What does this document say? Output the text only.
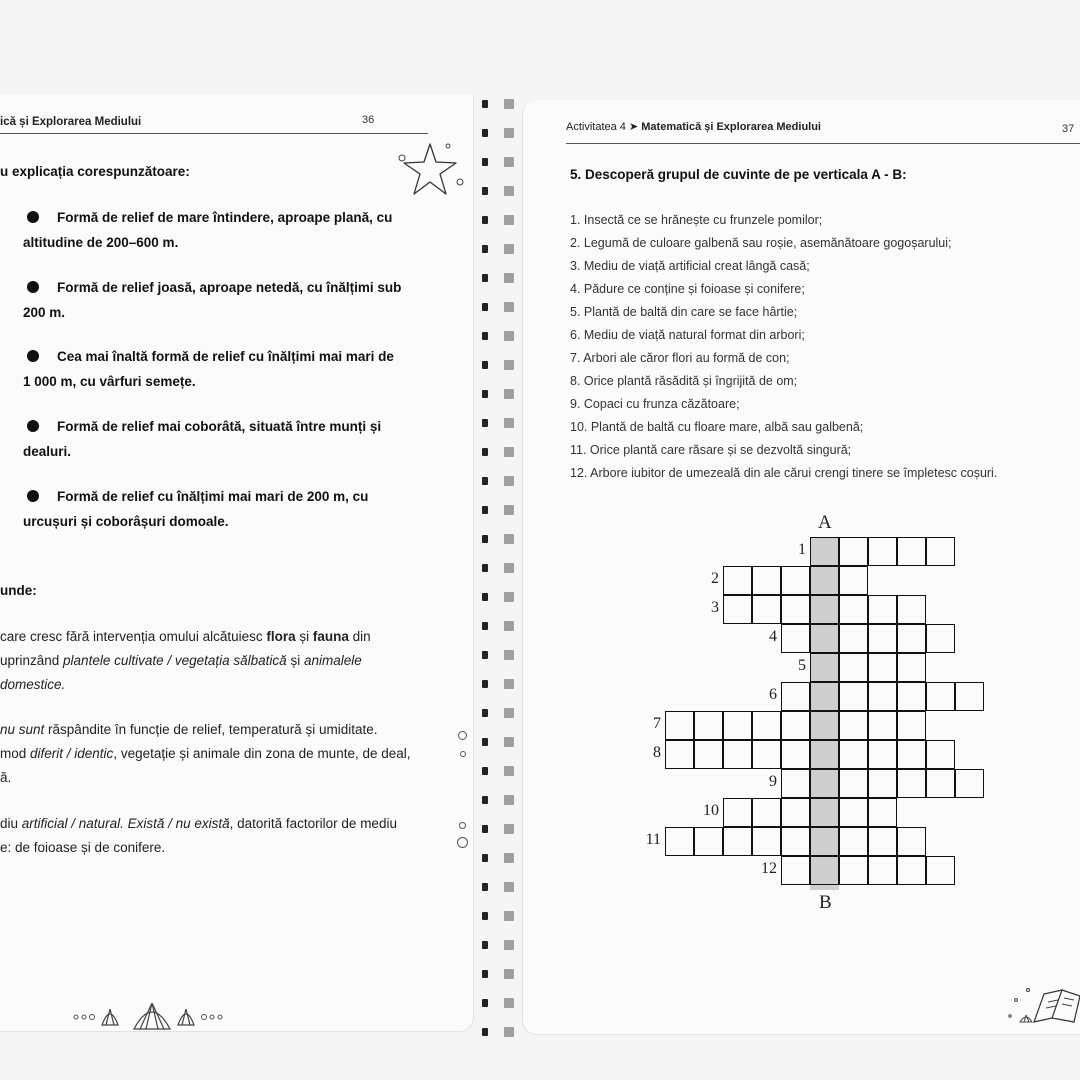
ică și Explorarea Mediului	36
u explicația corespunzătoare:
Formă de relief de mare întindere, aproape plană, cu altitudine de 200–600 m.
Formă de relief joasă, aproape netedă, cu înălțimi sub 200 m.
Cea mai înaltă formă de relief cu înălțimi mai mari de 1 000 m, cu vârfuri semețe.
Formă de relief mai coborâtă, situată între munți și dealuri.
Formă de relief cu înălțimi mai mari de 200 m, cu urcușuri și coborâșuri domoale.
unde:
care cresc fără intervenția omului alcătuiesc flora și fauna din
uprinzând plantele cultivate / vegetația sălbatică și animalele
domestice.
nu sunt răspândite în funcție de relief, temperatură și umiditate.
mod diferit / identic, vegetație și animale din zona de munte, de deal,
ă.
diu artificial / natural. Există / nu există, datorită factorilor de mediu
e: de foioase și de conifere.
Activitatea 4 ➤ Matematică și Explorarea Mediului	37
5. Descoperă grupul de cuvinte de pe verticala A - B:
1. Insectă ce se hrănește cu frunzele pomilor;
2. Legumă de culoare galbenă sau roșie, asemănătoare gogoșarului;
3. Mediu de viață artificial creat lângă casă;
4. Pădure ce conține și foioase și conifere;
5. Plantă de baltă din care se face hârtie;
6. Mediu de viață natural format din arbori;
7. Arbori ale căror flori au formă de con;
8. Orice plantă răsădită și îngrijită de om;
9. Copaci cu frunza căzătoare;
10. Plantă de baltă cu floare mare, albă sau galbenă;
11. Orice plantă care răsare și se dezvoltă singură;
12. Arbore iubitor de umezeală din ale cărui crengi tinere se împletesc coșuri.
1
2
3
4
5
6
7
8
9
10
11
12
A
B
